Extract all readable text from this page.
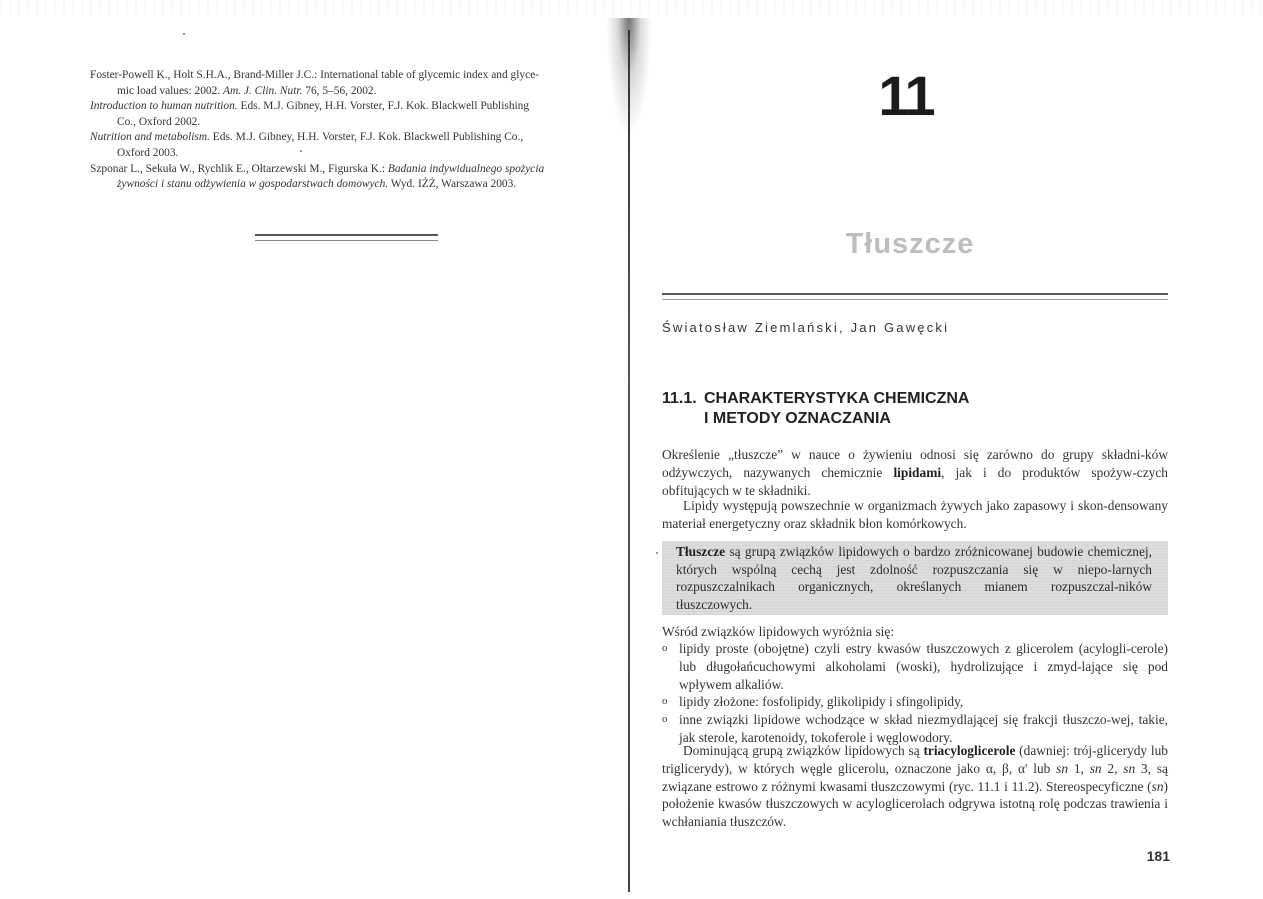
Foster-Powell K., Holt S.H.A., Brand-Miller J.C.: International table of glycemic index and glyce-
mic load values: 2002. Am. J. Clin. Nutr. 76, 5–56, 2002.

Introduction to human nutrition. Eds. M.J. Gibney, H.H. Vorster, F.J. Kok. Blackwell Publishing
Co., Oxford 2002.

Nutrition and metabolism. Eds. M.J. Gibney, H.H. Vorster, F.J. Kok. Blackwell Publishing Co.,
Oxford 2003.

Szponar L., Sekuła W., Rychlik E., Ołtarzewski M., Figurska K.: Badania indywidualnego spożycia
żywności i stanu odżywienia w gospodarstwach domowych. Wyd. IŻŻ, Warszawa 2003.

11
Tłuszcze
Światosław Ziemlański, Jan Gawęcki
11.1. CHARAKTERYSTYKA CHEMICZNA
I METODY OZNACZANIA
Określenie „tłuszcze” w nauce o żywieniu odnosi się zarówno do grupy składni-ków odżywczych, nazywanych chemicznie lipidami, jak i do produktów spożyw-czych obfitujących w te składniki.
Lipidy występują powszechnie w organizmach żywych jako zapasowy i skon-densowany materiał energetyczny oraz składnik błon komórkowych.
Tłuszcze są grupą związków lipidowych o bardzo zróżnicowanej budowie chemicznej, których wspólną cechą jest zdolność rozpuszczania się w niepo-larnych rozpuszczalnikach organicznych, określanych mianem rozpuszczal-ników tłuszczowych.
Wśród związków lipidowych wyróżnia się:
o lipidy proste (obojętne) czyli estry kwasów tłuszczowych z glicerolem (acylogli-cerole) lub długołańcuchowymi alkoholami (woski), hydrolizujące i zmyd-lające się pod wpływem alkaliów.
o lipidy złożone: fosfolipidy, glikolipidy i sfingolipidy,
o inne związki lipidowe wchodzące w skład niezmydlającej się frakcji tłuszczo-wej, takie, jak sterole, karotenoidy, tokoferole i węglowodory.
Dominującą grupą związków lipidowych są triacyloglicerole (dawniej: trój-glicerydy lub triglicerydy), w których węgle glicerolu, oznaczone jako α, β, α' lub sn 1, sn 2, sn 3, są związane estrowo z różnymi kwasami tłuszczowymi (ryc. 11.1 i 11.2). Stereospecyficzne (sn) położenie kwasów tłuszczowych w acyloglicerolach odgrywa istotną rolę podczas trawienia i wchłaniania tłuszczów.
181
